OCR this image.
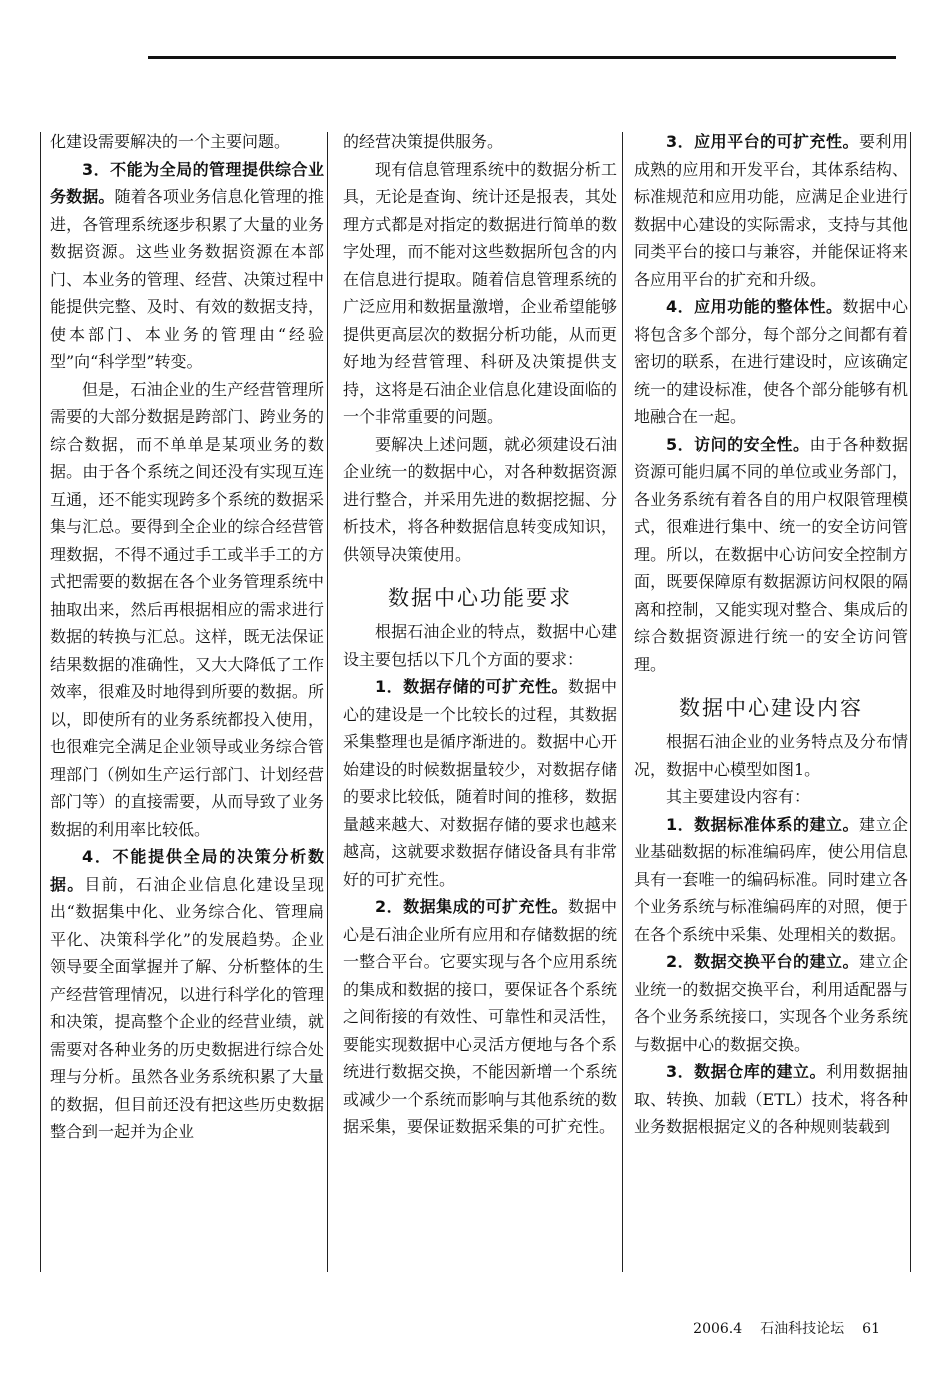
化建设需要解决的一个主要问题。

3．不能为全局的管理提供综合业务数据。随着各项业务信息化管理的推进，各管理系统逐步积累了大量的业务数据资源。这些业务数据资源在本部门、本业务的管理、经营、决策过程中能提供完整、及时、有效的数据支持，使本部门、本业务的管理由“经验型”向“科学型”转变。

但是，石油企业的生产经营管理所需要的大部分数据是跨部门、跨业务的综合数据，而不单单是某项业务的数据。由于各个系统之间还没有实现互连互通，还不能实现跨多个系统的数据采集与汇总。要得到全企业的综合经营管理数据，不得不通过手工或半手工的方式把需要的数据在各个业务管理系统中抽取出来，然后再根据相应的需求进行数据的转换与汇总。这样，既无法保证结果数据的准确性，又大大降低了工作效率，很难及时地得到所要的数据。所以，即使所有的业务系统都投入使用，也很难完全满足企业领导或业务综合管理部门（例如生产运行部门、计划经营部门等）的直接需要，从而导致了业务数据的利用率比较低。

4．不能提供全局的决策分析数据。目前，石油企业信息化建设呈现出“数据集中化、业务综合化、管理扁平化、决策科学化”的发展趋势。企业领导要全面掌握并了解、分析整体的生产经营管理情况，以进行科学化的管理和决策，提高整个企业的经营业绩，就需要对各种业务的历史数据进行综合处理与分析。虽然各业务系统积累了大量的数据，但目前还没有把这些历史数据整合到一起并为企业

的经营决策提供服务。

现有信息管理系统中的数据分析工具，无论是查询、统计还是报表，其处理方式都是对指定的数据进行简单的数字处理，而不能对这些数据所包含的内在信息进行提取。随着信息管理系统的广泛应用和数据量激增，企业希望能够提供更高层次的数据分析功能，从而更好地为经营管理、科研及决策提供支持，这将是石油企业信息化建设面临的一个非常重要的问题。

要解决上述问题，就必须建设石油企业统一的数据中心，对各种数据资源进行整合，并采用先进的数据挖掘、分析技术，将各种数据信息转变成知识，供领导决策使用。

数据中心功能要求

根据石油企业的特点，数据中心建设主要包括以下几个方面的要求：

1．数据存储的可扩充性。数据中心的建设是一个比较长的过程，其数据采集整理也是循序渐进的。数据中心开始建设的时候数据量较少，对数据存储的要求比较低，随着时间的推移，数据量越来越大、对数据存储的要求也越来越高，这就要求数据存储设备具有非常好的可扩充性。

2．数据集成的可扩充性。数据中心是石油企业所有应用和存储数据的统一整合平台。它要实现与各个应用系统的集成和数据的接口，要保证各个系统之间衔接的有效性、可靠性和灵活性，要能实现数据中心灵活方便地与各个系统进行数据交换，不能因新增一个系统或减少一个系统而影响与其他系统的数据采集，要保证数据采集的可扩充性。

3．应用平台的可扩充性。要利用成熟的应用和开发平台，其体系结构、标准规范和应用功能，应满足企业进行数据中心建设的实际需求，支持与其他同类平台的接口与兼容，并能保证将来各应用平台的扩充和升级。

4．应用功能的整体性。数据中心将包含多个部分，每个部分之间都有着密切的联系，在进行建设时，应该确定统一的建设标准，使各个部分能够有机地融合在一起。

5．访问的安全性。由于各种数据资源可能归属不同的单位或业务部门，各业务系统有着各自的用户权限管理模式，很难进行集中、统一的安全访问管理。所以，在数据中心访问安全控制方面，既要保障原有数据源访问权限的隔离和控制，又能实现对整合、集成后的综合数据资源进行统一的安全访问管理。

数据中心建设内容

根据石油企业的业务特点及分布情况，数据中心模型如图1。

其主要建设内容有：

1．数据标准体系的建立。建立企业基础数据的标准编码库，使公用信息具有一套唯一的编码标准。同时建立各个业务系统与标准编码库的对照，便于在各个系统中采集、处理相关的数据。

2．数据交换平台的建立。建立企业统一的数据交换平台，利用适配器与各个业务系统接口，实现各个业务系统与数据中心的数据交换。

3．数据仓库的建立。利用数据抽取、转换、加载（ETL）技术，将各种业务数据根据定义的各种规则装载到

2006.4 石油科技论坛 61
